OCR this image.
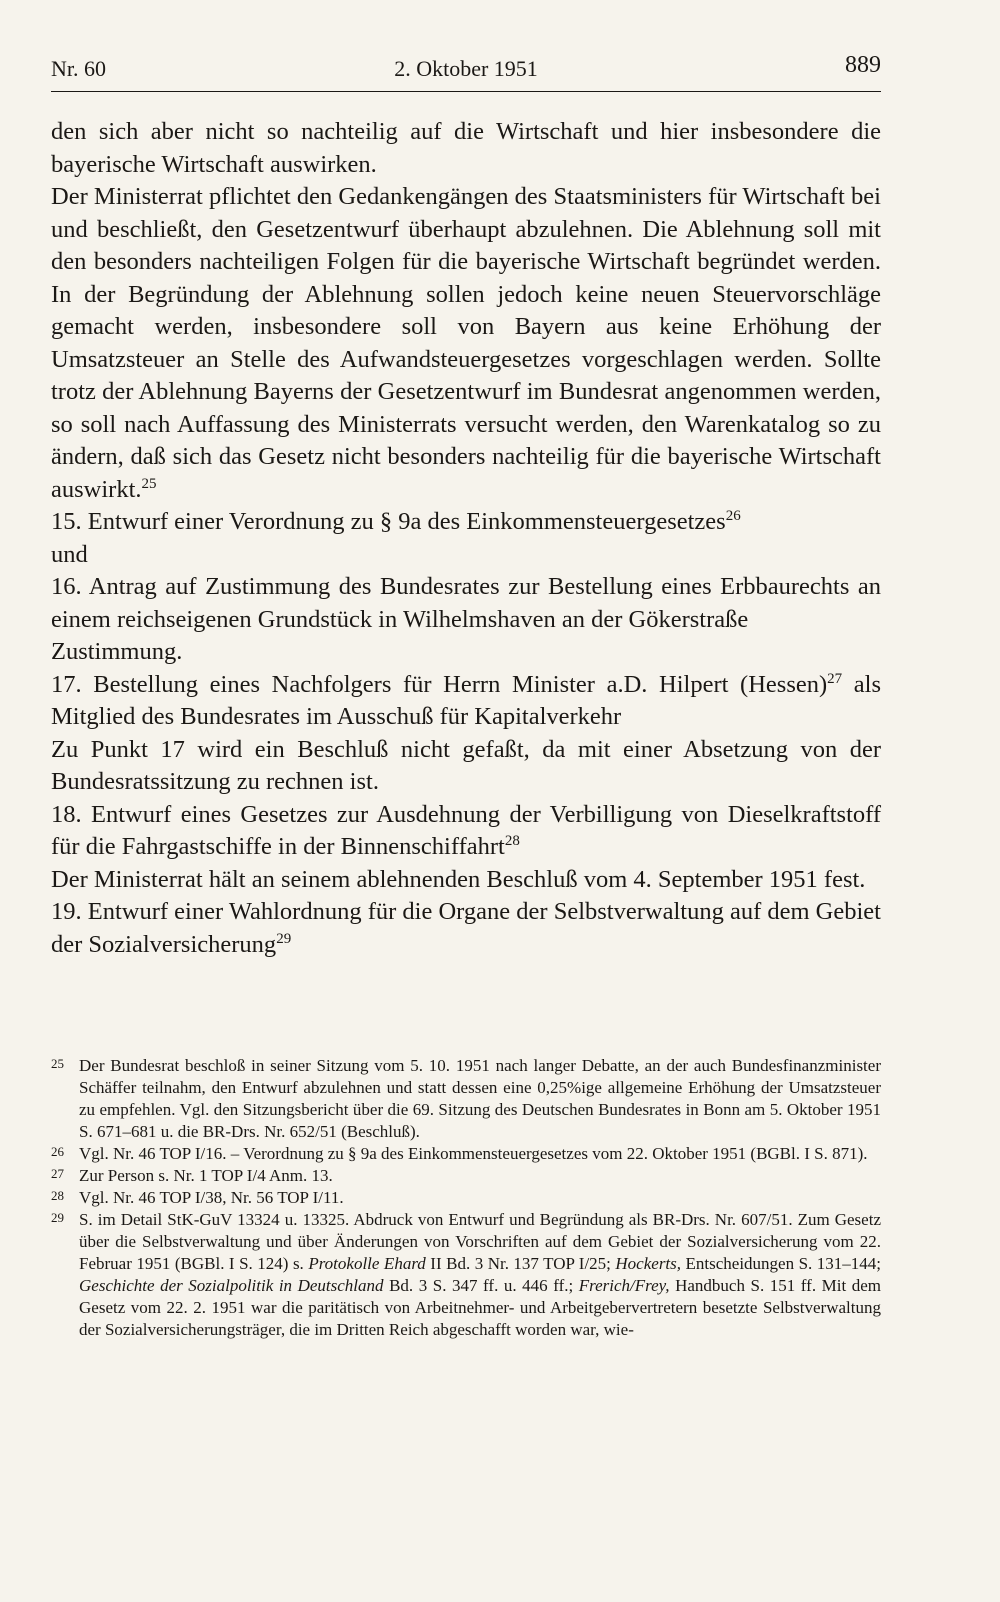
Nr. 60	2. Oktober 1951	889

den sich aber nicht so nachteilig auf die Wirtschaft und hier insbesondere die bayerische Wirtschaft auswirken.

Der Ministerrat pflichtet den Gedankengängen des Staatsministers für Wirtschaft bei und beschließt, den Gesetzentwurf überhaupt abzulehnen. Die Ablehnung soll mit den besonders nachteiligen Folgen für die bayerische Wirtschaft begründet werden. In der Begründung der Ablehnung sollen jedoch keine neuen Steuervorschläge gemacht werden, insbesondere soll von Bayern aus keine Erhöhung der Umsatzsteuer an Stelle des Aufwandsteuergesetzes vorgeschlagen werden. Sollte trotz der Ablehnung Bayerns der Gesetzentwurf im Bundesrat angenommen werden, so soll nach Auffassung des Ministerrats versucht werden, den Warenkatalog so zu ändern, daß sich das Gesetz nicht besonders nachteilig für die bayerische Wirtschaft auswirkt.$^{25}$

15. Entwurf einer Verordnung zu § 9a des Einkommensteuergesetzes$^{26}$

und

16. Antrag auf Zustimmung des Bundesrates zur Bestellung eines Erbbaurechts an einem reichseigenen Grundstück in Wilhelmshaven an der Gökerstraße

Zustimmung.

17. Bestellung eines Nachfolgers für Herrn Minister a.D. Hilpert (Hessen)$^{27}$ als Mitglied des Bundesrates im Ausschuß für Kapitalverkehr

Zu Punkt 17 wird ein Beschluß nicht gefaßt, da mit einer Absetzung von der Bundesratssitzung zu rechnen ist.

18. Entwurf eines Gesetzes zur Ausdehnung der Verbilligung von Dieselkraftstoff für die Fahrgastschiffe in der Binnenschiffahrt$^{28}$

Der Ministerrat hält an seinem ablehnenden Beschluß vom 4. September 1951 fest.

19. Entwurf einer Wahlordnung für die Organe der Selbstverwaltung auf dem Gebiet der Sozialversicherung$^{29}$

25 Der Bundesrat beschloß in seiner Sitzung vom 5. 10. 1951 nach langer Debatte, an der auch Bundesfinanzminister Schäffer teilnahm, den Entwurf abzulehnen und statt dessen eine 0,25%ige allgemeine Erhöhung der Umsatzsteuer zu empfehlen. Vgl. den Sitzungsbericht über die 69. Sitzung des Deutschen Bundesrates in Bonn am 5. Oktober 1951 S. 671–681 u. die BR-Drs. Nr. 652/51 (Beschluß).

26 Vgl. Nr. 46 TOP I/16. – Verordnung zu § 9a des Einkommensteuergesetzes vom 22. Oktober 1951 (BGBl. I S. 871).

27 Zur Person s. Nr. 1 TOP I/4 Anm. 13.

28 Vgl. Nr. 46 TOP I/38, Nr. 56 TOP I/11.

29 S. im Detail StK-GuV 13324 u. 13325. Abdruck von Entwurf und Begründung als BR-Drs. Nr. 607/51. Zum Gesetz über die Selbstverwaltung und über Änderungen von Vorschriften auf dem Gebiet der Sozialversicherung vom 22. Februar 1951 (BGBl. I S. 124) s. Protokolle Ehard II Bd. 3 Nr. 137 TOP I/25; Hockerts, Entscheidungen S. 131–144; Geschichte der Sozialpolitik in Deutschland Bd. 3 S. 347 ff. u. 446 ff.; Frerich/Frey, Handbuch S. 151 ff. Mit dem Gesetz vom 22. 2. 1951 war die paritätisch von Arbeitnehmer- und Arbeitgebervertretern besetzte Selbstverwaltung der Sozialversicherungsträger, die im Dritten Reich abgeschafft worden war, wie-
